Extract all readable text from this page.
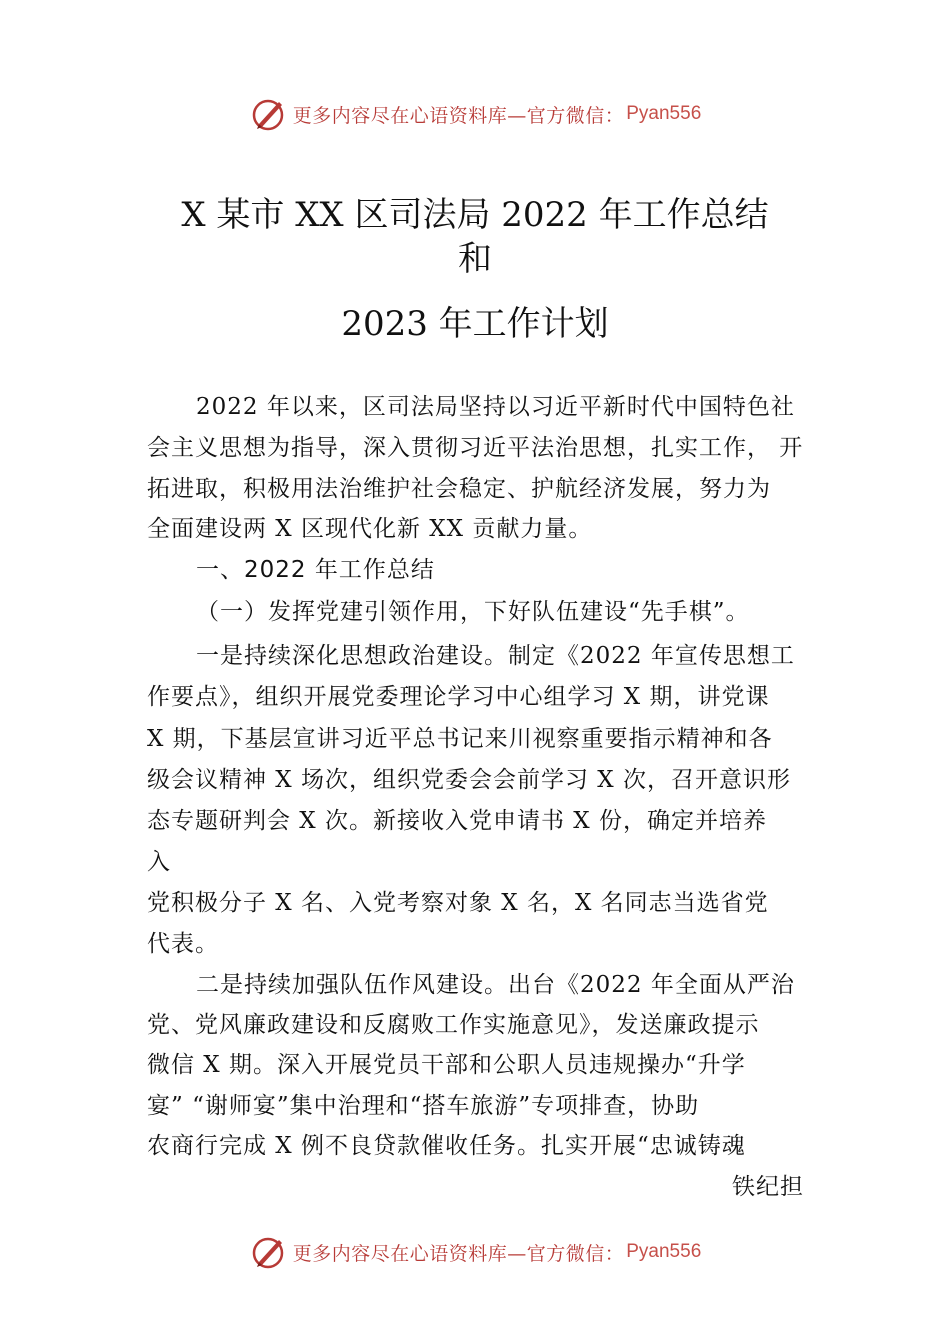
更多内容尽在心语资料库—官方微信： Pyan556
X 某市 XX 区司法局 2022 年工作总结
和
2023 年工作计划
2022 年以来，区司法局坚持以习近平新时代中国特色社
会主义思想为指导，深入贯彻习近平法治思想，扎实工作， 开
拓进取，积极用法治维护社会稳定、护航经济发展，努力为
全面建设两 X 区现代化新 XX 贡献力量。
一、2022 年工作总结
（一）发挥党建引领作用，下好队伍建设“先手棋”。
一是持续深化思想政治建设。制定《2022 年宣传思想工
作要点》，组织开展党委理论学习中心组学习 X 期，讲党课
X 期，下基层宣讲习近平总书记来川视察重要指示精神和各
级会议精神 X 场次，组织党委会会前学习 X 次，召开意识形
态专题研判会 X 次。新接收入党申请书 X 份，确定并培养
入
党积极分子 X 名、入党考察对象 X 名，X 名同志当选省党
代表。
二是持续加强队伍作风建设。出台《2022 年全面从严治
党、党风廉政建设和反腐败工作实施意见》，发送廉政提示
微信 X 期。深入开展党员干部和公职人员违规操办“升学
宴” “谢师宴”集中治理和“搭车旅游”专项排查，协助
农商行完成 X 例不良贷款催收任务。扎实开展“忠诚铸魂
铁纪担
更多内容尽在心语资料库—官方微信： Pyan556
